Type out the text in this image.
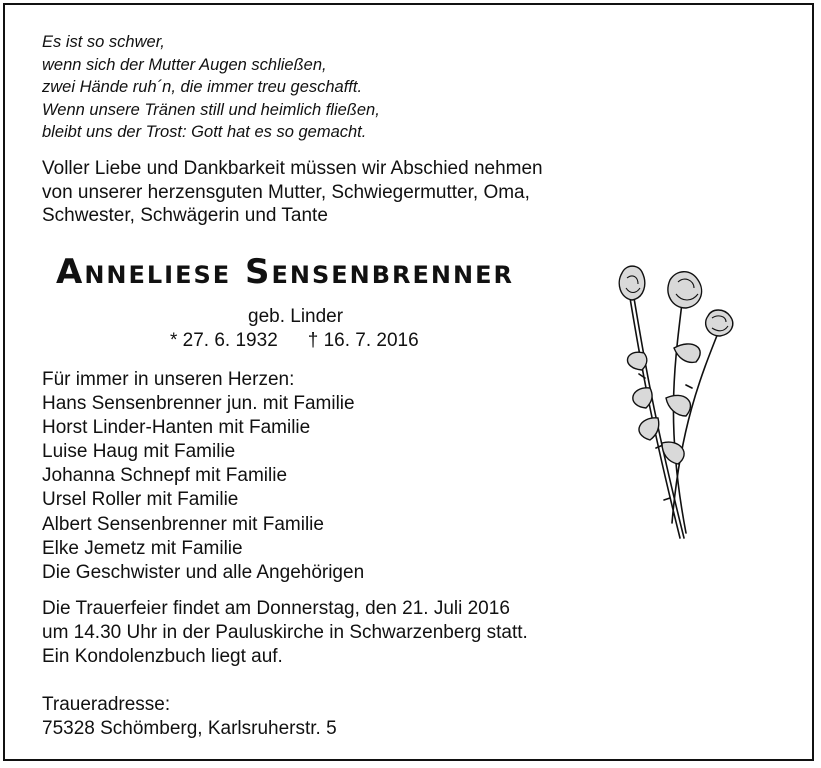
Es ist so schwer,
wenn sich der Mutter Augen schließen,
zwei Hände ruh´n, die immer treu geschafft.
Wenn unsere Tränen still und heimlich fließen,
bleibt uns der Trost: Gott hat es so gemacht.
Voller Liebe und Dankbarkeit müssen wir Abschied nehmen
von unserer herzensguten Mutter, Schwiegermutter, Oma,
Schwester, Schwägerin und Tante
Anneliese Sensenbrenner
geb. Linder
* 27. 6. 1932 † 16. 7. 2016
Für immer in unseren Herzen:
Hans Sensenbrenner jun. mit Familie
Horst Linder-Hanten mit Familie
Luise Haug mit Familie
Johanna Schnepf mit Familie
Ursel Roller mit Familie
Albert Sensenbrenner mit Familie
Elke Jemetz mit Familie
Die Geschwister und alle Angehörigen
Die Trauerfeier findet am Donnerstag, den 21. Juli 2016
um 14.30 Uhr in der Pauluskirche in Schwarzenberg statt.
Ein Kondolenzbuch liegt auf.
Traueradresse:
75328 Schömberg, Karlsruherstr. 5
